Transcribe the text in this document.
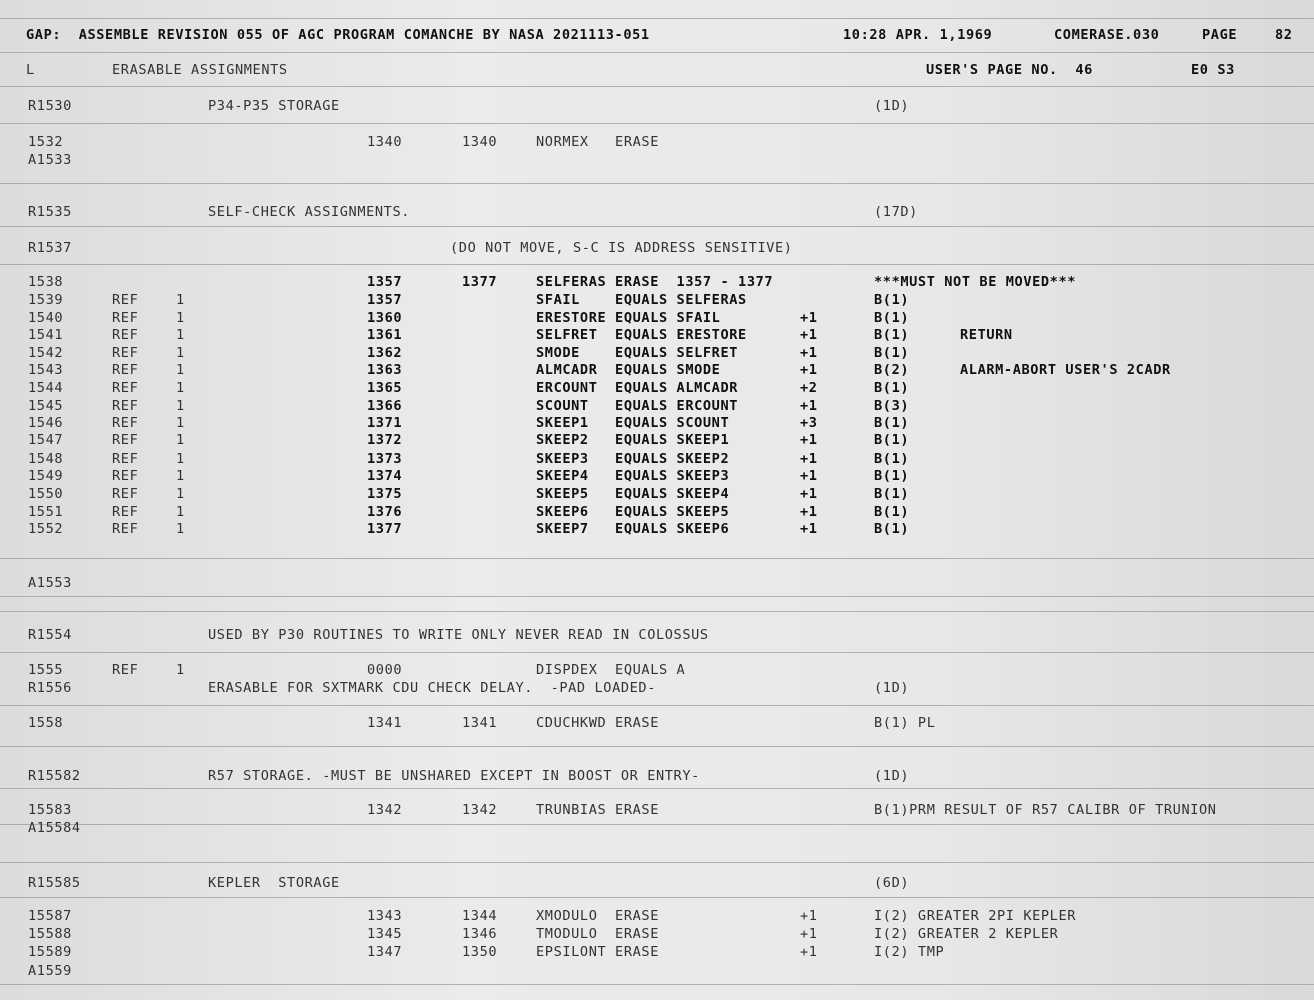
GAP:  ASSEMBLE REVISION 055 OF AGC PROGRAM COMANCHE BY NASA 2021113-051	10:28 APR. 1,1969	COMERASE.030	PAGE	82
L	ERASABLE ASSIGNMENTS	USER'S PAGE NO.  46	E0 S3
R1530	P34-P35 STORAGE	(1D)
1532	1340	1340	NORMEX   ERASE
A1533
R1535	SELF-CHECK ASSIGNMENTS.	(17D)
R1537	(DO NOT MOVE, S-C IS ADDRESS SENSITIVE)
1538	1357	1377	SELFERAS ERASE  1357 - 1377	***MUST NOT BE MOVED***
1539	REF	1	1357	SFAIL    EQUALS SELFERAS	B(1)
1540	REF	1	1360	ERESTORE EQUALS SFAIL	+1	B(1)
1541	REF	1	1361	SELFRET  EQUALS ERESTORE	+1	B(1)	RETURN
1542	REF	1	1362	SMODE    EQUALS SELFRET	+1	B(1)
1543	REF	1	1363	ALMCADR  EQUALS SMODE	+1	B(2)	ALARM-ABORT USER'S 2CADR
1544	REF	1	1365	ERCOUNT  EQUALS ALMCADR	+2	B(1)
1545	REF	1	1366	SCOUNT   EQUALS ERCOUNT	+1	B(3)
1546	REF	1	1371	SKEEP1   EQUALS SCOUNT	+3	B(1)
1547	REF	1	1372	SKEEP2   EQUALS SKEEP1	+1	B(1)
1548	REF	1	1373	SKEEP3   EQUALS SKEEP2	+1	B(1)
1549	REF	1	1374	SKEEP4   EQUALS SKEEP3	+1	B(1)
1550	REF	1	1375	SKEEP5   EQUALS SKEEP4	+1	B(1)
1551	REF	1	1376	SKEEP6   EQUALS SKEEP5	+1	B(1)
1552	REF	1	1377	SKEEP7   EQUALS SKEEP6	+1	B(1)
A1553
R1554	USED BY P30 ROUTINES TO WRITE ONLY NEVER READ IN COLOSSUS
1555	REF	1	0000	DISPDEX  EQUALS A
R1556	ERASABLE FOR SXTMARK CDU CHECK DELAY.  -PAD LOADED-	(1D)
1558	1341	1341	CDUCHKWD ERASE	B(1) PL
R15582	R57 STORAGE. -MUST BE UNSHARED EXCEPT IN BOOST OR ENTRY-	(1D)
15583	1342	1342	TRUNBIAS ERASE	B(1)PRM RESULT OF R57 CALIBR OF TRUNION
A15584
R15585	KEPLER  STORAGE	(6D)
15587	1343	1344	XMODULO  ERASE	+1	I(2) GREATER 2PI KEPLER
15588	1345	1346	TMODULO  ERASE	+1	I(2) GREATER 2 KEPLER
15589	1347	1350	EPSILONT ERASE	+1	I(2) TMP
A1559
